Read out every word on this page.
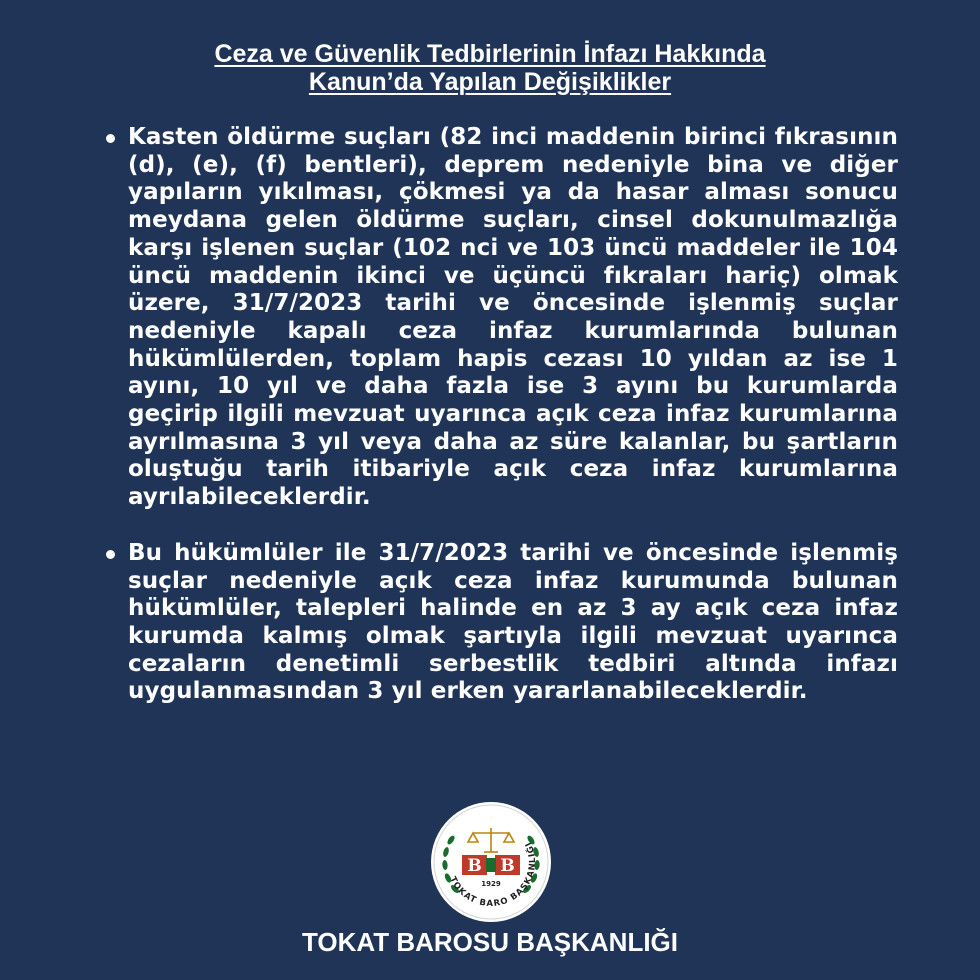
Ceza ve Güvenlik Tedbirlerinin İnfazı Hakkında
Kanun’da Yapılan Değişiklikler
Kasten öldürme suçları (82 inci maddenin birinci fıkrasının (d), (e), (f) bentleri), deprem nedeniyle bina ve diğer yapıların yıkılması, çökmesi ya da hasar alması sonucu meydana gelen öldürme suçları, cinsel dokunulmazlığa karşı işlenen suçlar (102 nci ve 103 üncü maddeler ile 104 üncü maddenin ikinci ve üçüncü fıkraları hariç) olmak üzere, 31/7/2023 tarihi ve öncesinde işlenmiş suçlar nedeniyle kapalı ceza infaz kurumlarında bulunan hükümlülerden, toplam hapis cezası 10 yıldan az ise 1 ayını, 10 yıl ve daha fazla ise 3 ayını bu kurumlarda geçirip ilgili mevzuat uyarınca açık ceza infaz kurumlarına ayrılmasına 3 yıl veya daha az süre kalanlar, bu şartların oluştuğu tarih itibariyle açık ceza infaz kurumlarına ayrılabileceklerdir.
Bu hükümlüler ile 31/7/2023 tarihi ve öncesinde işlenmiş suçlar nedeniyle açık ceza infaz kurumunda bulunan hükümlüler, talepleri halinde en az 3 ay açık ceza infaz kurumda kalmış olmak şartıyla ilgili mevzuat uyarınca cezaların denetimli serbestlik tedbiri altında infazı uygulanmasından 3 yıl erken yararlanabileceklerdir.
TOKAT BARO BAŞKANLIĞI
B B
1929
TOKAT BAROSU BAŞKANLIĞI
